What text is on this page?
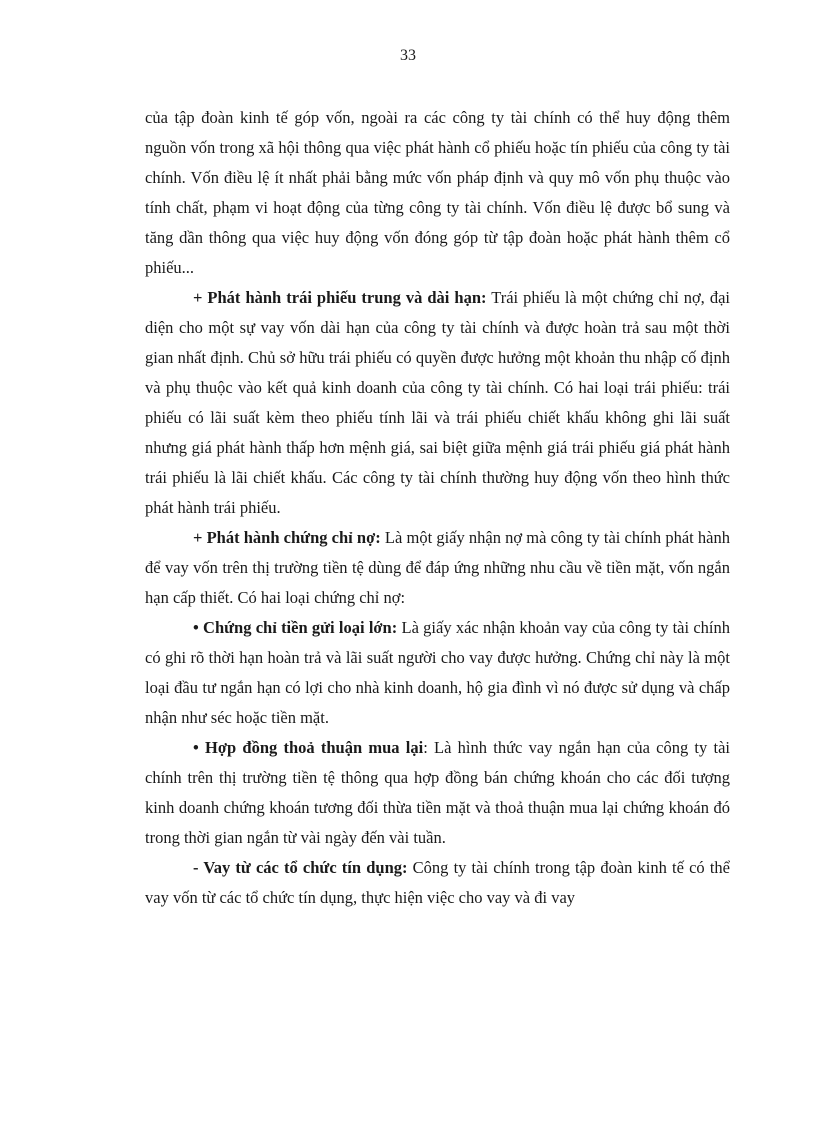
33

của tập đoàn kinh tế góp vốn, ngoài ra các công ty tài chính có thể huy động thêm nguồn vốn trong xã hội thông qua việc phát hành cổ phiếu hoặc tín phiếu của công ty tài chính. Vốn điều lệ ít nhất phải bằng mức vốn pháp định và quy mô vốn phụ thuộc vào tính chất, phạm vi hoạt động của từng công ty tài chính. Vốn điều lệ được bổ sung và tăng dần thông qua việc huy động vốn đóng góp từ tập đoàn hoặc phát hành thêm cổ phiếu...

+ Phát hành trái phiếu trung và dài hạn: Trái phiếu là một chứng chỉ nợ, đại diện cho một sự vay vốn dài hạn của công ty tài chính và được hoàn trả sau một thời gian nhất định. Chủ sở hữu trái phiếu có quyền được hưởng một khoản thu nhập cố định và phụ thuộc vào kết quả kinh doanh của công ty tài chính. Có hai loại trái phiếu: trái phiếu có lãi suất kèm theo phiếu tính lãi và trái phiếu chiết khấu không ghi lãi suất nhưng giá phát hành thấp hơn mệnh giá, sai biệt giữa mệnh giá trái phiếu giá phát hành trái phiếu là lãi chiết khấu. Các công ty tài chính thường huy động vốn theo hình thức phát hành trái phiếu.

+ Phát hành chứng chỉ nợ: Là một giấy nhận nợ mà công ty tài chính phát hành để vay vốn trên thị trường tiền tệ dùng để đáp ứng những nhu cầu về tiền mặt, vốn ngắn hạn cấp thiết. Có hai loại chứng chỉ nợ:

• Chứng chỉ tiền gửi loại lớn: Là giấy xác nhận khoản vay của công ty tài chính có ghi rõ thời hạn hoàn trả và lãi suất người cho vay được hưởng. Chứng chỉ này là một loại đầu tư ngắn hạn có lợi cho nhà kinh doanh, hộ gia đình vì nó được sử dụng và chấp nhận như séc hoặc tiền mặt.

• Hợp đồng thoả thuận mua lại: Là hình thức vay ngắn hạn của công ty tài chính trên thị trường tiền tệ thông qua hợp đồng bán chứng khoán cho các đối tượng kinh doanh chứng khoán tương đối thừa tiền mặt và thoả thuận mua lại chứng khoán đó trong thời gian ngắn từ vài ngày đến vài tuần.

- Vay từ các tổ chức tín dụng: Công ty tài chính trong tập đoàn kinh tế có thể vay vốn từ các tổ chức tín dụng, thực hiện việc cho vay và đi vay
